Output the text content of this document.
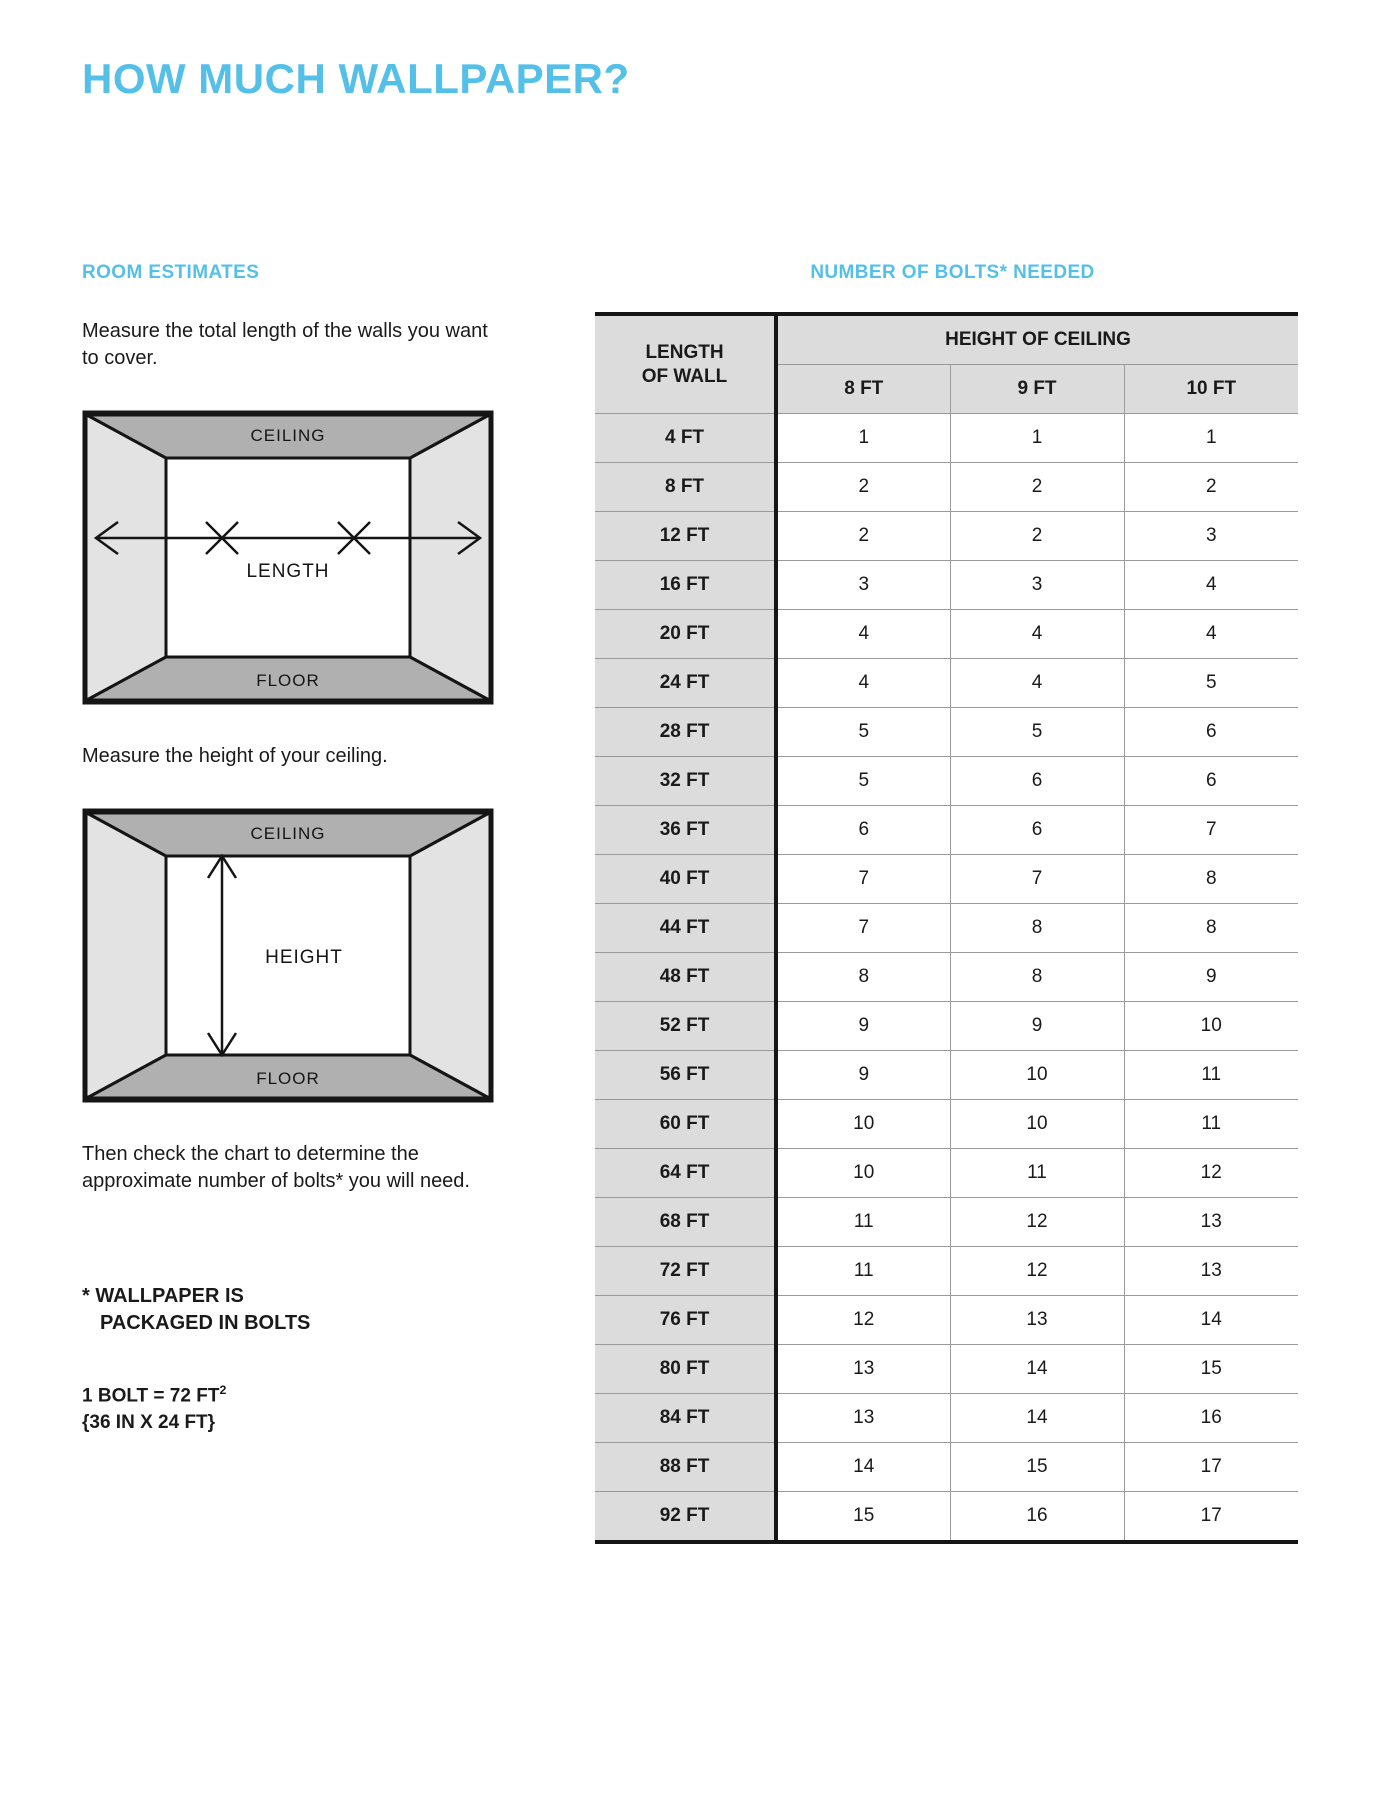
HOW MUCH WALLPAPER?
ROOM ESTIMATES

Measure the total length of the walls you want to cover.

CEILING
FLOOR
LENGTH

Measure the height of your ceiling.

CEILING
FLOOR
HEIGHT

Then check the chart to determine the approximate number of bolts* you will need.

* WALLPAPER IS

PACKAGED IN BOLTS

1 BOLT = 72 $FT^2$

{36 IN X 24 FT}

NUMBER OF BOLTS* NEEDED
LENGTH
OF WALL	HEIGHT OF CEILING		
	8 FT	9 FT	10 FT
4 FT	1	1	1
8 FT	2	2	2
12 FT	2	2	3
16 FT	3	3	4
20 FT	4	4	4
24 FT	4	4	5
28 FT	5	5	6
32 FT	5	6	6
36 FT	6	6	7
40 FT	7	7	8
44 FT	7	8	8
48 FT	8	8	9
52 FT	9	9	10
56 FT	9	10	11
60 FT	10	10	11
64 FT	10	11	12
68 FT	11	12	13
72 FT	11	12	13
76 FT	12	13	14
80 FT	13	14	15
84 FT	13	14	16
88 FT	14	15	17
92 FT	15	16	17
